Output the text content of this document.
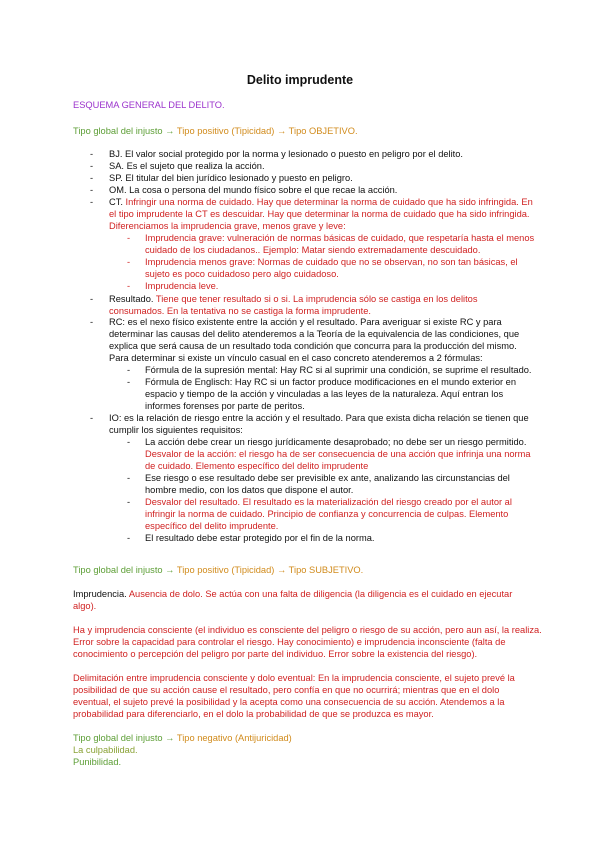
Delito imprudente
ESQUEMA GENERAL DEL DELITO.
Tipo global del injusto → Tipo positivo (Tipicidad) → Tipo OBJETIVO.
-
-
-
-
-
-
-
-
BJ. El valor social protegido por la norma y lesionado o puesto en peligro por el delito.
SA. Es el sujeto que realiza la acción.
SP. El titular del bien jurídico lesionado y puesto en peligro.
OM. La cosa o persona del mundo físico sobre el que recae la acción.
CT. Infringir una norma de cuidado. Hay que determinar la norma de cuidado que ha sido infringida. En
el tipo imprudente la CT es descuidar. Hay que determinar la norma de cuidado que ha sido infringida.
Diferenciamos la imprudencia grave, menos grave y leve:
- Imprudencia grave: vulneración de normas básicas de cuidado, que respetaría hasta el menos
cuidado de los ciudadanos.. Ejemplo: Matar siendo extremadamente descuidado.
- Imprudencia menos grave: Normas de cuidado que no se observan, no son tan básicas, el
sujeto es poco cuidadoso pero algo cuidadoso.
- Imprudencia leve.
Resultado. Tiene que tener resultado si o si. La imprudencia sólo se castiga en los delitos
consumados. En la tentativa no se castiga la forma imprudente.
RC: es el nexo físico existente entre la acción y el resultado. Para averiguar si existe RC y para
determinar las causas del delito atenderemos a la Teoría de la equivalencia de las condiciones, que
explica que será causa de un resultado toda condición que concurra para la producción del mismo.
Para determinar si existe un vínculo casual en el caso concreto atenderemos a 2 fórmulas:
- Fórmula de la supresión mental: Hay RC si al suprimir una condición, se suprime el resultado.
- Fórmula de Englisch: Hay RC si un factor produce modificaciones en el mundo exterior en
espacio y tiempo de la acción y vinculadas a las leyes de la naturaleza. Aquí entran los
informes forenses por parte de peritos.
IO: es la relación de riesgo entre la acción y el resultado. Para que exista dicha relación se tienen que
cumplir los siguientes requisitos:
- La acción debe crear un riesgo jurídicamente desaprobado; no debe ser un riesgo permitido.
Desvalor de la acción: el riesgo ha de ser consecuencia de una acción que infrinja una norma
de cuidado. Elemento específico del delito imprudente
- Ese riesgo o ese resultado debe ser previsible ex ante, analizando las circunstancias del
hombre medio, con los datos que dispone el autor.
- Desvalor del resultado. El resultado es la materialización del riesgo creado por el autor al
infringir la norma de cuidado. Principio de confianza y concurrencia de culpas. Elemento
específico del delito imprudente.
- El resultado debe estar protegido por el fin de la norma.
Tipo global del injusto → Tipo positivo (Tipicidad) → Tipo SUBJETIVO.
Imprudencia. Ausencia de dolo. Se actúa con una falta de diligencia (la diligencia es el cuidado en ejecutar
algo).
Ha y imprudencia consciente (el individuo es consciente del peligro o riesgo de su acción, pero aun así, la realiza.
Error sobre la capacidad para controlar el riesgo. Hay conocimiento) e imprudencia inconsciente (falta de
conocimiento o percepción del peligro por parte del individuo. Error sobre la existencia del riesgo).
Delimitación entre imprudencia consciente y dolo eventual: En la imprudencia consciente, el sujeto prevé la
posibilidad de que su acción cause el resultado, pero confía en que no ocurrirá; mientras que en el dolo
eventual, el sujeto prevé la posibilidad y la acepta como una consecuencia de su acción. Atendemos a la
probabilidad para diferenciarlo, en el dolo la probabilidad de que se produzca es mayor.
Tipo global del injusto → Tipo negativo (Antijuricidad)
La culpabilidad.
Punibilidad.
